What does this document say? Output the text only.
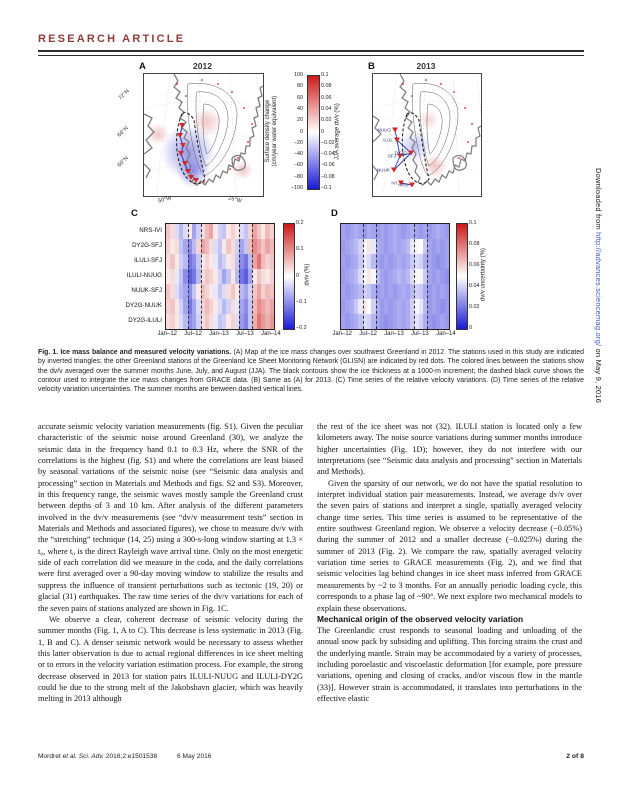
RESEARCH ARTICLE
A	2012
Surface density change (cm/year water equivalent)	JJA average dv/v (%)
B	2013
NUUG
ILUL
SFJ
DY2G
NUUK
IVI NRS
C
dv/v (%)
D
dv/v uncertainty (%)
Fig. 1. Ice mass balance and measured velocity variations. (A) Map of the ice mass changes over southwest Greenland in 2012. The stations used in this study are indicated by inverted triangles; the other Greenland stations of the Greenland Ice Sheet Monitoring Network (GLISN) are indicated by red dots. The colored lines between the stations show the dv/v averaged over the summer months June, July, and August (JJA). The black contours show the ice thickness at a 1000-m increment; the dashed black curve shows the contour used to integrate the ice mass changes from GRACE data. (B) Same as (A) for 2013. (C) Time series of the relative velocity variations. (D) Time series of the relative velocity variation uncertainties. The summer months are between dashed vertical lines.

accurate seismic velocity variation measurements (fig. S1). Given the peculiar characteristic of the seismic noise around Greenland (30), we analyze the seismic data in the frequency band 0.1 to 0.3 Hz, where the SNR of the correlations is the highest (fig. S1) and where the correlations are least biased by seasonal variations of the seismic noise (see “Seismic data analysis and processing” section in Materials and Methods and figs. S2 and S3). Moreover, in this frequency range, the seismic waves mostly sample the Greenland crust between depths of 3 and 10 km. After analysis of the different parameters involved in the dv/v measurements (see “dv/v measurement tests” section in Materials and Methods and associated figures), we chose to measure dv/v with the “stretching” technique (14, 25) using a 300-s-long window starting at 1.3 × t₀, where t₀ is the direct Rayleigh wave arrival time. Only on the most energetic side of each correlation did we measure in the coda, and the daily correlations were first averaged over a 90-day moving window to stabilize the results and suppress the influence of transient perturbations such as tectonic (19, 20) or glacial (31) earthquakes. The raw time series of the dv/v variations for each of the seven pairs of stations analyzed are shown in Fig. 1C.

We observe a clear, coherent decrease of seismic velocity during the summer months (Fig. 1, A to C). This decrease is less systematic in 2013 (Fig. 1, B and C). A denser seismic network would be necessary to assess whether this latter observation is due to actual regional differences in ice sheet melting or to errors in the velocity variation estimation process. For example, the strong decrease observed in 2013 for station pairs ILULI-NUUG and ILULI-DY2G could be due to the strong melt of the Jakobshavn glacier, which was heavily melting in 2013 although

the rest of the ice sheet was not (32). ILULI station is located only a few kilometers away. The noise source variations during summer months introduce higher uncertainties (Fig. 1D); however, they do not interfere with our interpretations (see “Seismic data analysis and processing” section in Materials and Methods).

Given the sparsity of our network, we do not have the spatial resolution to interpret individual station pair measurements. Instead, we average dv/v over the seven pairs of stations and interpret a single, spatially averaged velocity change time series. This time series is assumed to be representative of the entire southwest Greenland region. We observe a velocity decrease (−0.05%) during the summer of 2012 and a smaller decrease (−0.025%) during the summer of 2013 (Fig. 2). We compare the raw, spatially averaged velocity variation time series to GRACE measurements (Fig. 2), and we find that seismic velocities lag behind changes in ice sheet mass inferred from GRACE measurements by ~2 to 3 months. For an annually periodic loading cycle, this corresponds to a phase lag of ~90°. We next explore two mechanical models to explain these observations.

Mechanical origin of the observed velocity variation

The Greenlandic crust responds to seasonal loading and unloading of the annual snow pack by subsiding and uplifting. This forcing strains the crust and the underlying mantle. Strain may be accommodated by a variety of processes, including poroelastic and viscoelastic deformation [for example, pore pressure variations, opening and closing of cracks, and/or viscous flow in the mantle (33)]. However strain is accommodated, it translates into perturbations in the effective elastic

Mordret et al. Sci. Adv. 2016;2:e1501538	6 May 2016	2 of 8
Downloaded from http://advances.sciencemag.org/ on May 9, 2016
NRS-IVI
DY2G-SFJ
ILULI-SFJ
ILULI-NUUG
NUUK-SFJ
DY2G-NUUK
DY2G-ILULI
Jan–12 Jul–12 Jan–13 Jul–13 Jan–14	Jan–12 Jul–12 Jan–13 Jul–13 Jan–14
100
80
60
40
20
0
−20
−40
−60
−80
−100
0.1
0.08
0.06
0.04
0.02
0
−0.02
−0.04
−0.06
−0.08
−0.1
0.2
0.1
0
−0.1
−0.2
0.1
0.08
0.06
0.04
0.02
0
72°N
66°N
60°N
50°W	25°W
